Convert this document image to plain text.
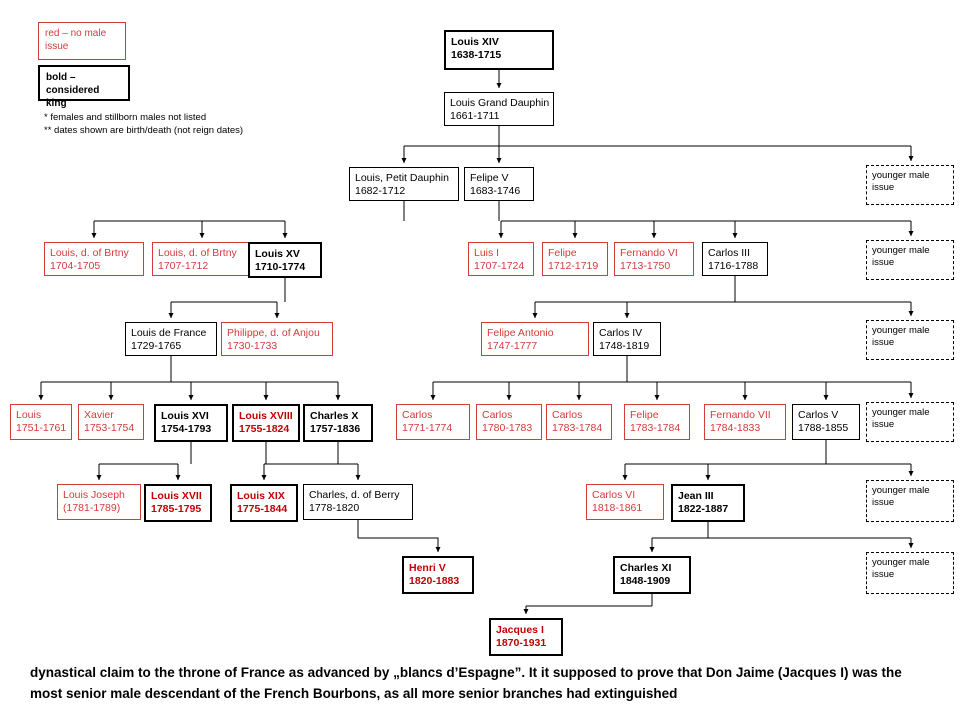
red – no male issue
bold – considered king
* females and stillborn males not listed
** dates shown are birth/death (not reign dates)
Louis XIV
1638-1715
Louis Grand Dauphin
1661-1711
Louis, Petit Dauphin
1682-1712
Felipe V
1683-1746
Louis, d. of Brtny
1704-1705
Louis, d. of Brtny
1707-1712
Louis XV
1710-1774
Luis I
1707-1724
Felipe
1712-1719
Fernando VI
1713-1750
Carlos III
1716-1788
Louis de France
1729-1765
Philippe, d. of Anjou
1730-1733
Felipe Antonio
1747-1777
Carlos IV
1748-1819
Louis
1751-1761
Xavier
1753-1754
Louis XVI
1754-1793
Louis XVIII
1755-1824
Charles X
1757-1836
Carlos
1771-1774
Carlos
1780-1783
Carlos
1783-1784
Felipe
1783-1784
Fernando VII
1784-1833
Carlos V
1788-1855
Louis Joseph
(1781-1789)
Louis XVII
1785-1795
Louis XIX
1775-1844
Charles, d. of Berry
1778-1820
Carlos VI
1818-1861
Jean III
1822-1887
Henri V
1820-1883
Charles XI
1848-1909
Jacques I
1870-1931
younger male issue
younger male issue
younger male issue
younger male issue
younger male issue
younger male issue
dynastical claim to the throne of France as advanced by „blancs d’Espagne”. It it supposed to prove that Don Jaime (Jacques I) was the most senior male descendant of the French Bourbons, as all more senior branches had extinguished
